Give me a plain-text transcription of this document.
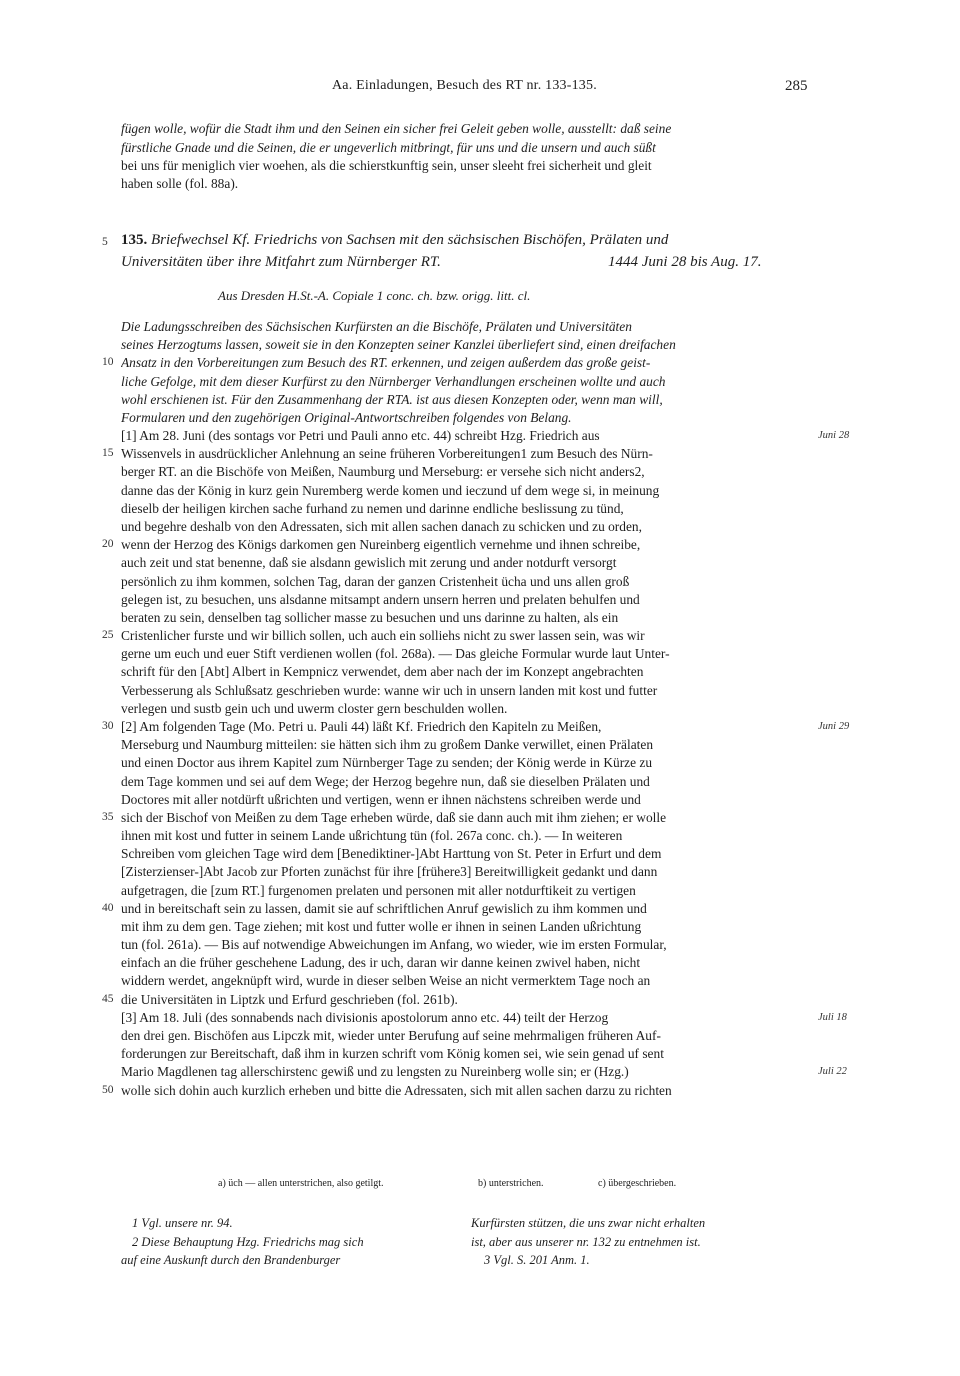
Aa. Einladungen, Besuch des RT nr. 133-135.	285
fügen wolle, wofür die Stadt ihm und den Seinen ein sicher frei Geleit geben wolle, ausstellt: daß seine
fürstliche Gnade und die Seinen, die er ungeverlich mitbringt, für uns und die unsern und auch süßt
bei uns für meniglich vier woehen, als die schierstkunftig sein, unser sleeht frei sicherheit und gleit
haben solle (fol. 88a).
5 135. Briefwechsel Kf. Friedrichs von Sachsen mit den sächsischen Bischöfen, Prälaten und
Universitäten über ihre Mitfahrt zum Nürnberger RT.	1444 Juni 28 bis Aug. 17.
Aus Dresden H.St.-A. Copiale 1 conc. ch. bzw. origg. litt. cl.
Die Ladungsschreiben des Sächsischen Kurfürsten an die Bischöfe, Prälaten und Universitäten
seines Herzogtums lassen, soweit sie in den Konzepten seiner Kanzlei überliefert sind, einen dreifachen
Ansatz in den Vorbereitungen zum Besuch des RT. erkennen, und zeigen außerdem das große geist-
10
liche Gefolge, mit dem dieser Kurfürst zu den Nürnberger Verhandlungen erscheinen wollte und auch
wohl erschienen ist. Für den Zusammenhang der RTA. ist aus diesen Konzepten oder, wenn man will,
Formularen und den zugehörigen Original-Antwortschreiben folgendes von Belang.
[1] Am 28. Juni (des sontags vor Petri und Pauli anno etc. 44) schreibt Hzg. Friedrich aus	Juni 28
Wissenvels in ausdrücklicher Anlehnung an seine früheren Vorbereitungen1 zum Besuch des Nürn-
15
berger RT. an die Bischöfe von Meißen, Naumburg und Merseburg: er versehe sich nicht anders2,
danne das der König in kurz gein Nuremberg werde komen und ieczund uf dem wege si, in meinung
dieselb der heiligen kirchen sache furhand zu nemen und darinne endliche beslissung zu tünd,
und begehre deshalb von den Adressaten, sich mit allen sachen danach zu schicken und zu orden,
wenn der Herzog des Königs darkomen gen Nureinberg eigentlich vernehme und ihnen schreibe,
20
auch zeit und stat benenne, daß sie alsdann gewislich mit zerung und ander notdurft versorgt
persönlich zu ihm kommen, solchen Tag, daran der ganzen Cristenheit ücha und uns allen groß
gelegen ist, zu besuchen, uns alsdanne mitsampt andern unsern herren und prelaten behulfen und
beraten zu sein, denselben tag sollicher masse zu besuchen und uns darinne zu halten, als ein
Cristenlicher furste und wir billich sollen, uch auch ein solliehs nicht zu swer lassen sein, was wir
25
gerne um euch und euer Stift verdienen wollen (fol. 268a). — Das gleiche Formular wurde laut Unter-
schrift für den [Abt] Albert in Kempnicz verwendet, dem aber nach der im Konzept angebrachten
Verbesserung als Schlußsatz geschrieben wurde: wanne wir uch in unsern landen mit kost und futter
verlegen und sustb gein uch und uwerm closter gern beschulden wollen.
[2] Am folgenden Tage (Mo. Petri u. Pauli 44) läßt Kf. Friedrich den Kapiteln zu Meißen,
30	Juni 29
Merseburg und Naumburg mitteilen: sie hätten sich ihm zu großem Danke verwillet, einen Prälaten
und einen Doctor aus ihrem Kapitel zum Nürnberger Tage zu senden; der König werde in Kürze zu
dem Tage kommen und sei auf dem Wege; der Herzog begehre nun, daß sie dieselben Prälaten und
Doctores mit aller notdürft ußrichten und vertigen, wenn er ihnen nächstens schreiben werde und
sich der Bischof von Meißen zu dem Tage erheben würde, daß sie dann auch mit ihm ziehen; er wolle
35
ihnen mit kost und futter in seinem Lande ußrichtung tün (fol. 267a conc. ch.). — In weiteren
Schreiben vom gleichen Tage wird dem [Benediktiner-]Abt Harttung von St. Peter in Erfurt und dem
[Zisterzienser-]Abt Jacob zur Pforten zunächst für ihre [frühere3] Bereitwilligkeit gedankt und dann
aufgetragen, die [zum RT.] furgenomen prelaten und personen mit aller notdurftikeit zu vertigen
und in bereitschaft sein zu lassen, damit sie auf schriftlichen Anruf gewislich zu ihm kommen und
40
mit ihm zu dem gen. Tage ziehen; mit kost und futter wolle er ihnen in seinen Landen ußrichtung
tun (fol. 261a). — Bis auf notwendige Abweichungen im Anfang, wo wieder, wie im ersten Formular,
einfach an die früher geschehene Ladung, des ir uch, daran wir danne keinen zwivel haben, nicht
widdern werdet, angeknüpft wird, wurde in dieser selben Weise an nicht vermerktem Tage noch an
die Universitäten in Liptzk und Erfurd geschrieben (fol. 261b).
45
[3] Am 18. Juli (des sonnabends nach divisionis apostolorum anno etc. 44) teilt der Herzog	Juli 18
den drei gen. Bischöfen aus Lipczk mit, wieder unter Berufung auf seine mehrmaligen früheren Auf-
forderungen zur Bereitschaft, daß ihm in kurzen schrift vom König komen sei, wie sein genad uf sent
Mario Magdlenen tag allerschirstenc gewiß und zu lengsten zu Nureinberg wolle sin; er (Hzg.)	Juli 22
wolle sich dohin auch kurzlich erheben und bitte die Adressaten, sich mit allen sachen darzu zu richten
50
a) üch — allen unterstrichen, also getilgt.	b) unterstrichen.	c) übergeschrieben.
1 Vgl. unsere nr. 94.
2 Diese Behauptung Hzg. Friedrichs mag sich
auf eine Auskunft durch den Brandenburger
Kurfürsten stützen, die uns zwar nicht erhalten
ist, aber aus unserer nr. 132 zu entnehmen ist.
3 Vgl. S. 201 Anm. 1.
